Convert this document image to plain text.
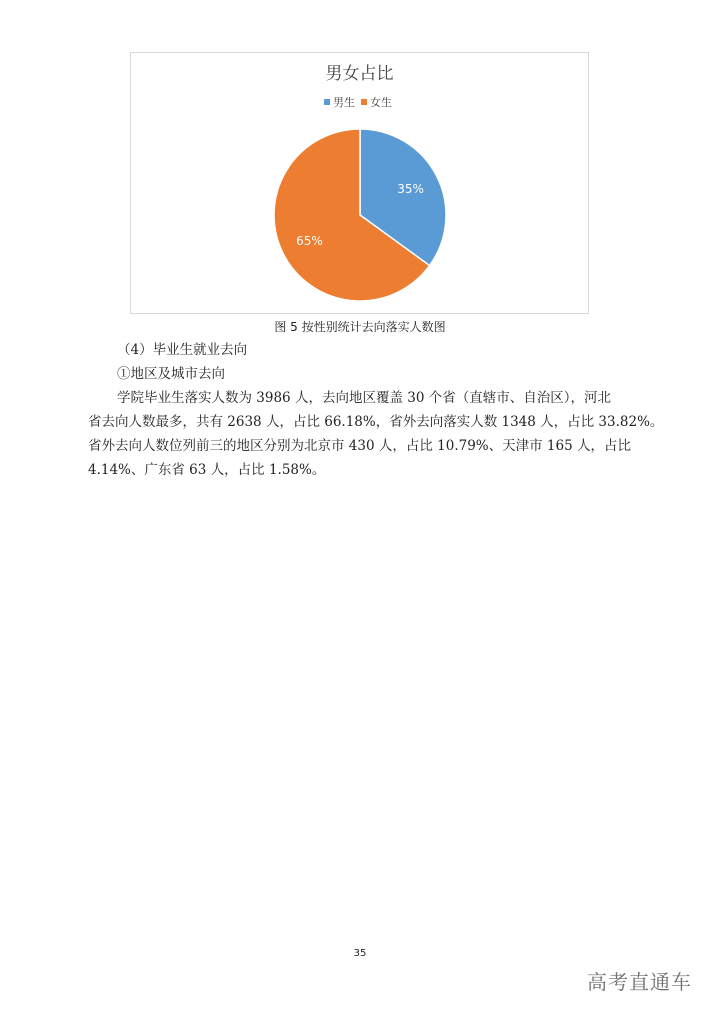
男女占比
男生 女生
35%
65%
图 5 按性别统计去向落实人数图
（4）毕业生就业去向
①地区及城市去向
学院毕业生落实人数为 3986 人，去向地区覆盖 30 个省（直辖市、自治区），河北
省去向人数最多，共有 2638 人，占比 66.18%，省外去向落实人数 1348 人，占比 33.82%。
省外去向人数位列前三的地区分别为北京市 430 人，占比 10.79%、天津市 165 人，占比
4.14%、广东省 63 人，占比 1.58%。
35
高考直通车
